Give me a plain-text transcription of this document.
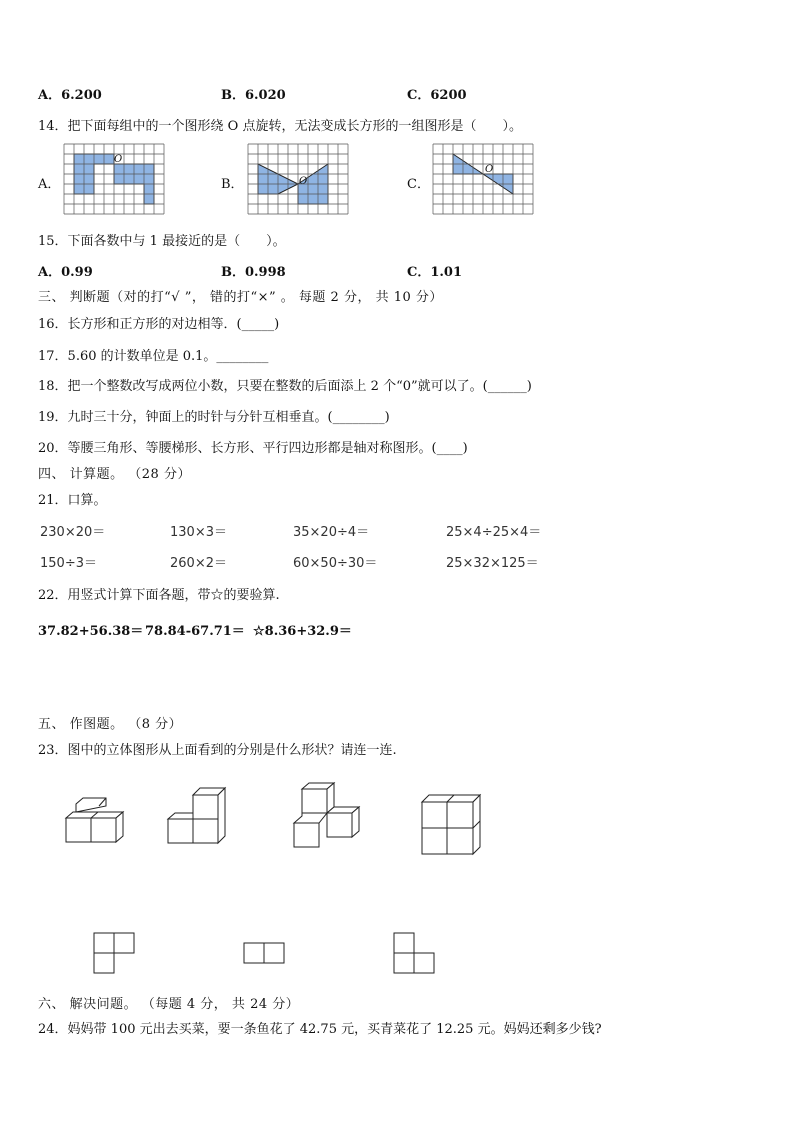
A．6.200	B．6.020	C．6200
14．把下面每组中的一个图形绕 O 点旋转，无法变成长方形的一组图形是（　　）。
A．	B．	C．
O
O
O
15．下面各数中与 1 最接近的是（　　）。
A．0.99	B．0.998	C．1.01
三、 判断题（对的打“√ ”， 错的打“×” 。 每题 2 分， 共 10 分）
16．长方形和正方形的对边相等．(_____)
17．5.60 的计数单位是 0.1。________
18．把一个整数改写成两位小数，只要在整数的后面添上 2 个“0”就可以了。(______)
19．九时三十分，钟面上的时针与分针互相垂直。(________)
20．等腰三角形、等腰梯形、长方形、平行四边形都是轴对称图形。(____)
四、 计算题。 （28 分）
21．口算。
230×20＝	130×3＝	35×20÷4＝	25×4÷25×4＝
150÷3＝	260×2＝	60×50÷30＝	25×32×125＝
22．用竖式计算下面各题，带☆的要验算.
37.82+56.38＝ 78.84-67.71＝ ☆8.36+32.9＝
五、 作图题。 （8 分）
23．图中的立体图形从上面看到的分别是什么形状？请连一连.
六、 解决问题。 （每题 4 分， 共 24 分）
24．妈妈带 100 元出去买菜，要一条鱼花了 42.75 元，买青菜花了 12.25 元。妈妈还剩多少钱?
